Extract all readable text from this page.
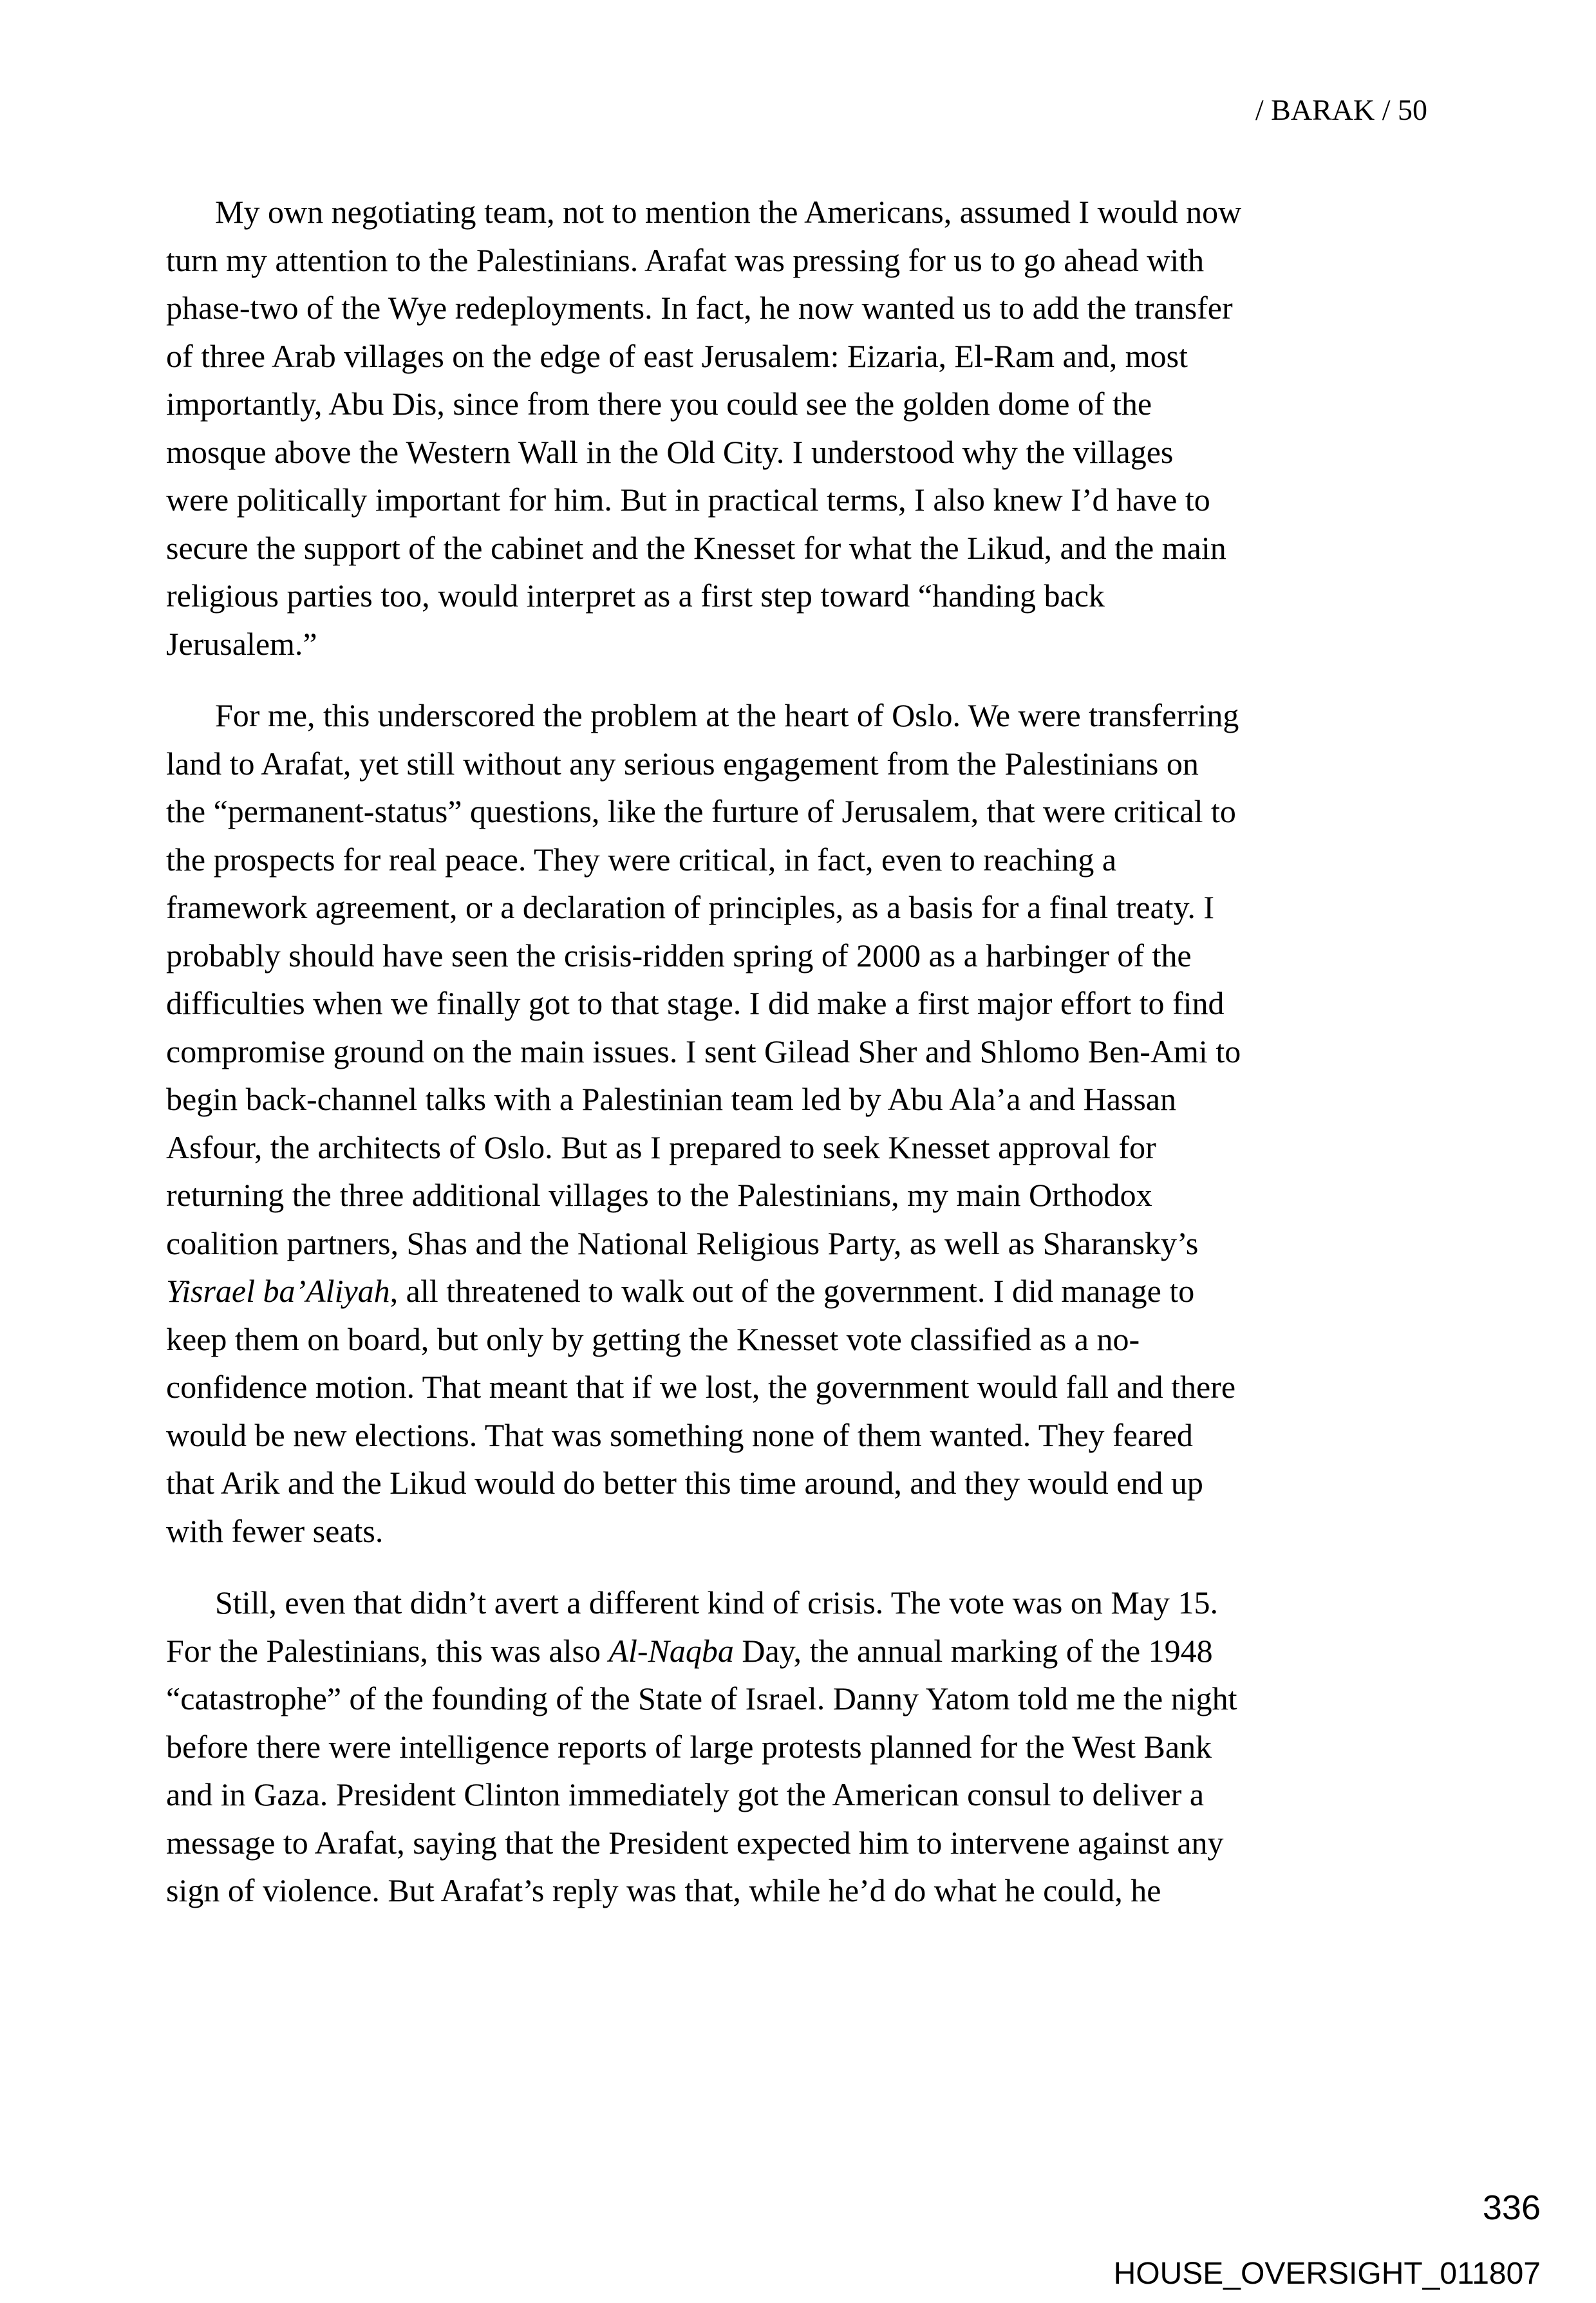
/ BARAK / 50
My own negotiating team, not to mention the Americans, assumed I would now
turn my attention to the Palestinians. Arafat was pressing for us to go ahead with
phase-two of the Wye redeployments. In fact, he now wanted us to add the transfer
of three Arab villages on the edge of east Jerusalem: Eizaria, El-Ram and, most
importantly, Abu Dis, since from there you could see the golden dome of the
mosque above the Western Wall in the Old City. I understood why the villages
were politically important for him. But in practical terms, I also knew I’d have to
secure the support of the cabinet and the Knesset for what the Likud, and the main
religious parties too, would interpret as a first step toward “handing back
Jerusalem.”
For me, this underscored the problem at the heart of Oslo. We were transferring
land to Arafat, yet still without any serious engagement from the Palestinians on
the “permanent-status” questions, like the furture of Jerusalem, that were critical to
the prospects for real peace. They were critical, in fact, even to reaching a
framework agreement, or a declaration of principles, as a basis for a final treaty. I
probably should have seen the crisis-ridden spring of 2000 as a harbinger of the
difficulties when we finally got to that stage. I did make a first major effort to find
compromise ground on the main issues. I sent Gilead Sher and Shlomo Ben-Ami to
begin back-channel talks with a Palestinian team led by Abu Ala’a and Hassan
Asfour, the architects of Oslo. But as I prepared to seek Knesset approval for
returning the three additional villages to the Palestinians, my main Orthodox
coalition partners, Shas and the National Religious Party, as well as Sharansky’s
Yisrael ba’Aliyah, all threatened to walk out of the government. I did manage to
keep them on board, but only by getting the Knesset vote classified as a no-
confidence motion. That meant that if we lost, the government would fall and there
would be new elections. That was something none of them wanted. They feared
that Arik and the Likud would do better this time around, and they would end up
with fewer seats.
Still, even that didn’t avert a different kind of crisis. The vote was on May 15.
For the Palestinians, this was also Al-Naqba Day, the annual marking of the 1948
“catastrophe” of the founding of the State of Israel. Danny Yatom told me the night
before there were intelligence reports of large protests planned for the West Bank
and in Gaza. President Clinton immediately got the American consul to deliver a
message to Arafat, saying that the President expected him to intervene against any
sign of violence. But Arafat’s reply was that, while he’d do what he could, he
336
HOUSE_OVERSIGHT_011807
